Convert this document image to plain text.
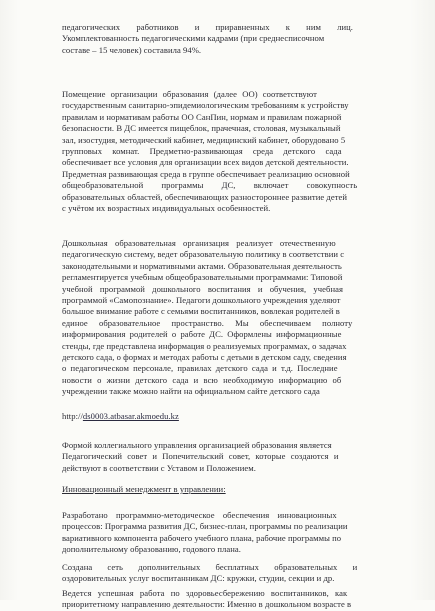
педагогических работников и приравненных к ним лиц.
Укомплектованность педагогическими кадрами (при среднесписочном
составе – 15 человек) составила 94%.
Помещение организации образования (далее ОО) соответствуют
государственным санитарно-эпидемиологическим требованиям к устройству
правилам и нормативам работы ОО СанПин, нормам и правилам пожарной
безопасности. В ДС имеется пищеблок, прачечная, столовая, музыкальный
зал, изостудия, методический кабинет, медицинский кабинет, оборудовано 5
групповых комнат. Предметно-развивающая среда детского сада
обеспечивает все условия для организации всех видов детской деятельности.
Предметная развивающая среда в группе обеспечивает реализацию основной
общеобразовательной программы ДС, включает совокупность
образовательных областей, обеспечивающих разностороннее развитие детей
с учётом их возрастных индивидуальных особенностей.
Дошкольная образовательная организация реализует отечественную
педагогическую систему, ведет образовательную политику в соответствии с
законодательными и нормативными актами. Образовательная деятельность
регламентируется учебным общеобразовательными программами: Типовой
учебной программой дошкольного воспитания и обучения, учебная
программой «Самопознание». Педагоги дошкольного учреждения уделяют
большое внимание работе с семьями воспитанников, вовлекая родителей в
единое образовательное пространство. Мы обеспечиваем полноту
информирования родителей о работе ДС. Оформлены информационные
стенды, где представлена информация о реализуемых программах, о задачах
детского сада, о формах и методах работы с детьми в детском саду, сведения
о педагогическом персонале, правилах детского сада и т.д. Последние
новости о жизни детского сада и всю необходимую информацию об
учреждении также можно найти на официальном сайте детского сада
http://ds0003.atbasar.akmoedu.kz
Формой коллегиального управления организацией образования является
Педагогический совет и Попечительский совет, которые создаются и
действуют в соответствии с Уставом и Положением.
Инновационный менеджмент в управлении:
Разработано программно-методическое обеспечения инновационных
процессов: Программа развития ДС, бизнес-план, программы по реализации
вариативного компонента рабочего учебного плана, рабочие программы по
дополнительному образованию, годового плана.
Создана сеть дополнительных бесплатных образовательных и
оздоровительных услуг воспитанникам ДС: кружки, студии, секции и др.
Ведется успешная работа по здоровьесбережению воспитанников, как
приоритетному направлению деятельности: Именно в дошкольном возрасте в
